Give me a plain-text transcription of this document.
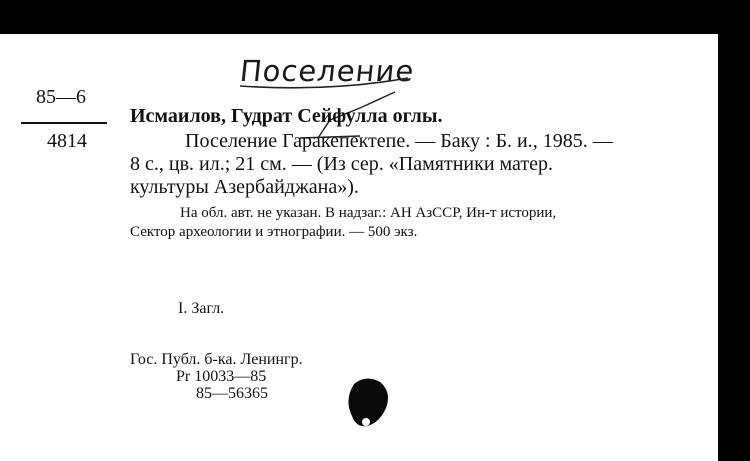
Поселение
85—6
4814
Исмаилов, Гудрат Сейфулла оглы.
Поселение Гаракепектепе. — Баку : Б. и., 1985. —
8 с., цв. ил.; 21 см. — (Из сер. «Памятники матер.
культуры Азербайджана»).
На обл. авт. не указан. В надзаг.: АН АзССР, Ин-т истории,
Сектор археологии и этнографии. — 500 экз.
I. Загл.
Гос. Публ. б-ка. Ленингр.
Pr 10033—85
85—56365
